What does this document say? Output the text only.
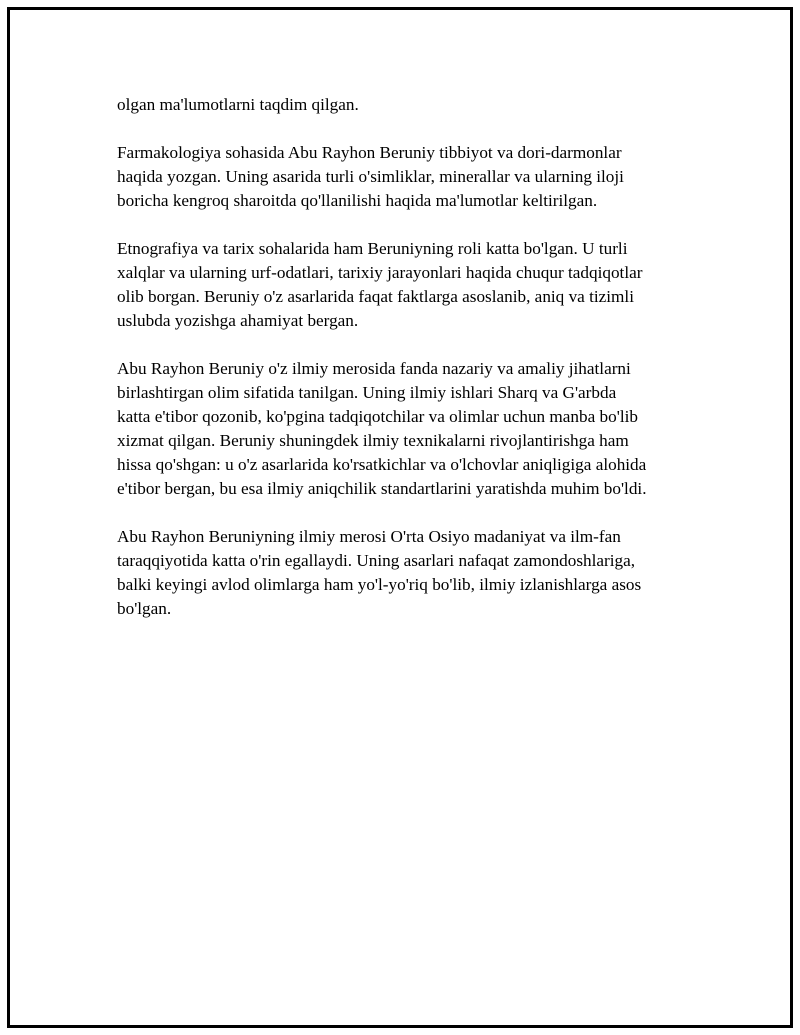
olgan ma'lumotlarni taqdim qilgan.

Farmakologiya sohasida Abu Rayhon Beruniy tibbiyot va dori-darmonlar
haqida yozgan. Uning asarida turli o'simliklar, minerallar va ularning iloji
boricha kengroq sharoitda qo'llanilishi haqida ma'lumotlar keltirilgan.

Etnografiya va tarix sohalarida ham Beruniyning roli katta bo'lgan. U turli
xalqlar va ularning urf-odatlari, tarixiy jarayonlari haqida chuqur tadqiqotlar
olib borgan. Beruniy o'z asarlarida faqat faktlarga asoslanib, aniq va tizimli
uslubda yozishga ahamiyat bergan.

Abu Rayhon Beruniy o'z ilmiy merosida fanda nazariy va amaliy jihatlarni
birlashtirgan olim sifatida tanilgan. Uning ilmiy ishlari Sharq va G'arbda
katta e'tibor qozonib, ko'pgina tadqiqotchilar va olimlar uchun manba bo'lib
xizmat qilgan. Beruniy shuningdek ilmiy texnikalarni rivojlantirishga ham
hissa qo'shgan: u o'z asarlarida ko'rsatkichlar va o'lchovlar aniqligiga alohida
e'tibor bergan, bu esa ilmiy aniqchilik standartlarini yaratishda muhim bo'ldi.

Abu Rayhon Beruniyning ilmiy merosi O'rta Osiyo madaniyat va ilm-fan
taraqqiyotida katta o'rin egallaydi. Uning asarlari nafaqat zamondoshlariga,
balki keyingi avlod olimlarga ham yo'l-yo'riq bo'lib, ilmiy izlanishlarga asos
bo'lgan.
